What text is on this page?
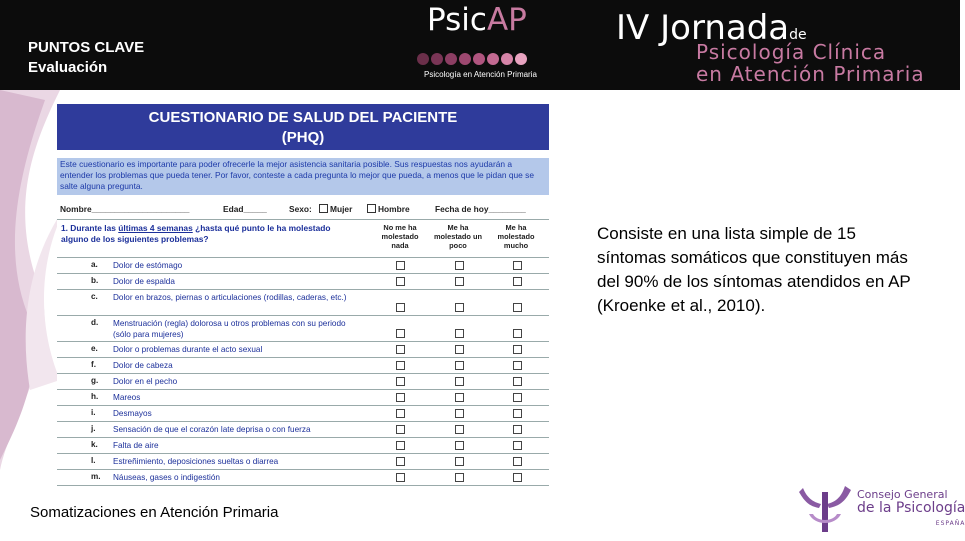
PUNTOS CLAVE
Evaluación
PsicAP
Psicología en Atención Primaria
IV Jornadade
Psicología Clínica
en Atención Primaria
CUESTIONARIO DE SALUD DEL PACIENTE
(PHQ)
Este cuestionario es importante para poder ofrecerle la mejor asistencia sanitaria posible. Sus respuestas nos ayudarán a entender los problemas que pueda tener. Por favor, conteste a cada pregunta lo mejor que pueda, a menos que le pidan que se salte alguna pregunta.
Nombre_____________________	Edad_____	Sexo:	Mujer	Hombre	Fecha de hoy________
1. Durante las últimas 4 semanas ¿hasta qué punto le ha molestado alguno de los siguientes problemas?
No me ha molestado nada
Me ha molestado un poco
Me ha molestado mucho
a. Dolor de estómago
b. Dolor de espalda
c. Dolor en brazos, piernas o articulaciones (rodillas, caderas, etc.)
d. Menstruación (regla) dolorosa u otros problemas con su periodo (sólo para mujeres)
e. Dolor o problemas durante el acto sexual
f. Dolor de cabeza
g. Dolor en el pecho
h. Mareos
i. Desmayos
j. Sensación de que el corazón late deprisa o con fuerza
k. Falta de aire
l. Estreñimiento, deposiciones sueltas o diarrea
m. Náuseas, gases o indigestión
Consiste en una lista simple de 15 síntomas somáticos que constituyen más del 90% de los síntomas atendidos en AP (Kroenke et al., 2010).
Somatizaciones en Atención Primaria
Consejo General
de la Psicología
ESPAÑA
